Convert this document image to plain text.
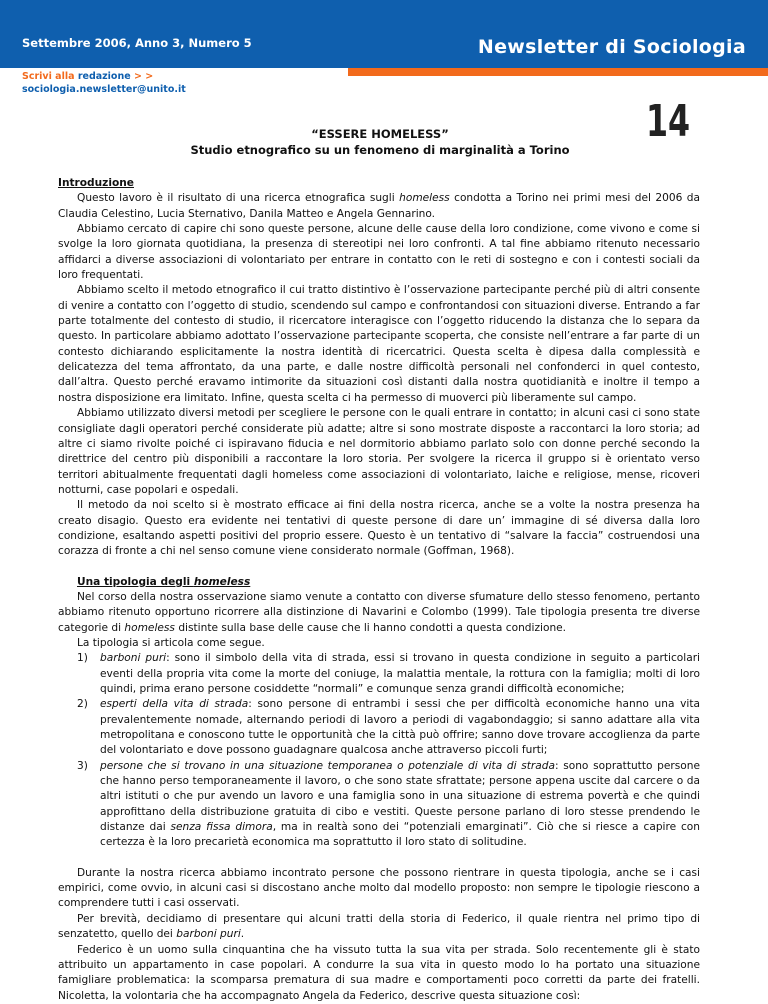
Settembre 2006, Anno 3, Numero 5	Newsletter di Sociologia
Scrivi alla redazione > >
sociologia.newsletter@unito.it
14
“ESSERE HOMELESS”
Studio etnografico su un fenomeno di marginalità a Torino
Introduzione

Questo lavoro è il risultato di una ricerca etnografica sugli homeless condotta a Torino nei primi mesi del 2006 da Claudia Celestino, Lucia Sternativo, Danila Matteo e Angela Gennarino.

Abbiamo cercato di capire chi sono queste persone, alcune delle cause della loro condizione, come vivono e come si svolge la loro giornata quotidiana, la presenza di stereotipi nei loro confronti. A tal fine abbiamo ritenuto necessario affidarci a diverse associazioni di volontariato per entrare in contatto con le reti di sostegno e con i contesti sociali da loro frequentati.

Abbiamo scelto il metodo etnografico il cui tratto distintivo è l’osservazione partecipante perché più di altri consente di venire a contatto con l’oggetto di studio, scendendo sul campo e confrontandosi con situazioni diverse. Entrando a far parte totalmente del contesto di studio, il ricercatore interagisce con l’oggetto riducendo la distanza che lo separa da questo. In particolare abbiamo adottato l’osservazione partecipante scoperta, che consiste nell’entrare a far parte di un contesto dichiarando esplicitamente la nostra identità di ricercatrici. Questa scelta è dipesa dalla complessità e delicatezza del tema affrontato, da una parte, e dalle nostre difficoltà personali nel confonderci in quel contesto, dall’altra. Questo perché eravamo intimorite da situazioni così distanti dalla nostra quotidianità e inoltre il tempo a nostra disposizione era limitato. Infine, questa scelta ci ha permesso di muoverci più liberamente sul campo.

Abbiamo utilizzato diversi metodi per scegliere le persone con le quali entrare in contatto; in alcuni casi ci sono state consigliate dagli operatori perché considerate più adatte; altre si sono mostrate disposte a raccontarci la loro storia; ad altre ci siamo rivolte poiché ci ispiravano fiducia e nel dormitorio abbiamo parlato solo con donne perché secondo la direttrice del centro più disponibili a raccontare la loro storia. Per svolgere la ricerca il gruppo si è orientato verso territori abitualmente frequentati dagli homeless come associazioni di volontariato, laiche e religiose, mense, ricoveri notturni, case popolari e ospedali.

Il metodo da noi scelto si è mostrato efficace ai fini della nostra ricerca, anche se a volte la nostra presenza ha creato disagio. Questo era evidente nei tentativi di queste persone di dare un’ immagine di sé diversa dalla loro condizione, esaltando aspetti positivi del proprio essere. Questo è un tentativo di “salvare la faccia” costruendosi una corazza di fronte a chi nel senso comune viene considerato normale (Goffman, 1968).

Una tipologia degli homeless

Nel corso della nostra osservazione siamo venute a contatto con diverse sfumature dello stesso fenomeno, pertanto abbiamo ritenuto opportuno ricorrere alla distinzione di Navarini e Colombo (1999). Tale tipologia presenta tre diverse categorie di homeless distinte sulla base delle cause che li hanno condotti a questa condizione.

La tipologia si articola come segue.

1) barboni puri: sono il simbolo della vita di strada, essi si trovano in questa condizione in seguito a particolari eventi della propria vita come la morte del coniuge, la malattia mentale, la rottura con la famiglia; molti di loro quindi, prima erano persone cosiddette “normali” e comunque senza grandi difficoltà economiche;
2) esperti della vita di strada: sono persone di entrambi i sessi che per difficoltà economiche hanno una vita prevalentemente nomade, alternando periodi di lavoro a periodi di vagabondaggio; si sanno adattare alla vita metropolitana e conoscono tutte le opportunità che la città può offrire; sanno dove trovare accoglienza da parte del volontariato e dove possono guadagnare qualcosa anche attraverso piccoli furti;
3) persone che si trovano in una situazione temporanea o potenziale di vita di strada: sono soprattutto persone che hanno perso temporaneamente il lavoro, o che sono state sfrattate; persone appena uscite dal carcere o da altri istituti o che pur avendo un lavoro e una famiglia sono in una situazione di estrema povertà e che quindi approfittano della distribuzione gratuita di cibo e vestiti. Queste persone parlano di loro stesse prendendo le distanze dai senza fissa dimora, ma in realtà sono dei “potenziali emarginati”. Ciò che si riesce a capire con certezza è la loro precarietà economica ma soprattutto il loro stato di solitudine.

Durante la nostra ricerca abbiamo incontrato persone che possono rientrare in questa tipologia, anche se i casi empirici, come ovvio, in alcuni casi si discostano anche molto dal modello proposto: non sempre le tipologie riescono a comprendere tutti i casi osservati.

Per brevità, decidiamo di presentare qui alcuni tratti della storia di Federico, il quale rientra nel primo tipo di senzatetto, quello dei barboni puri.

Federico è un uomo sulla cinquantina che ha vissuto tutta la sua vita per strada. Solo recentemente gli è stato attribuito un appartamento in case popolari. A condurre la sua vita in questo modo lo ha portato una situazione famigliare problematica: la scomparsa prematura di sua madre e comportamenti poco corretti da parte dei fratelli. Nicoletta, la volontaria che ha accompagnato Angela da Federico, descrive questa situazione così:
